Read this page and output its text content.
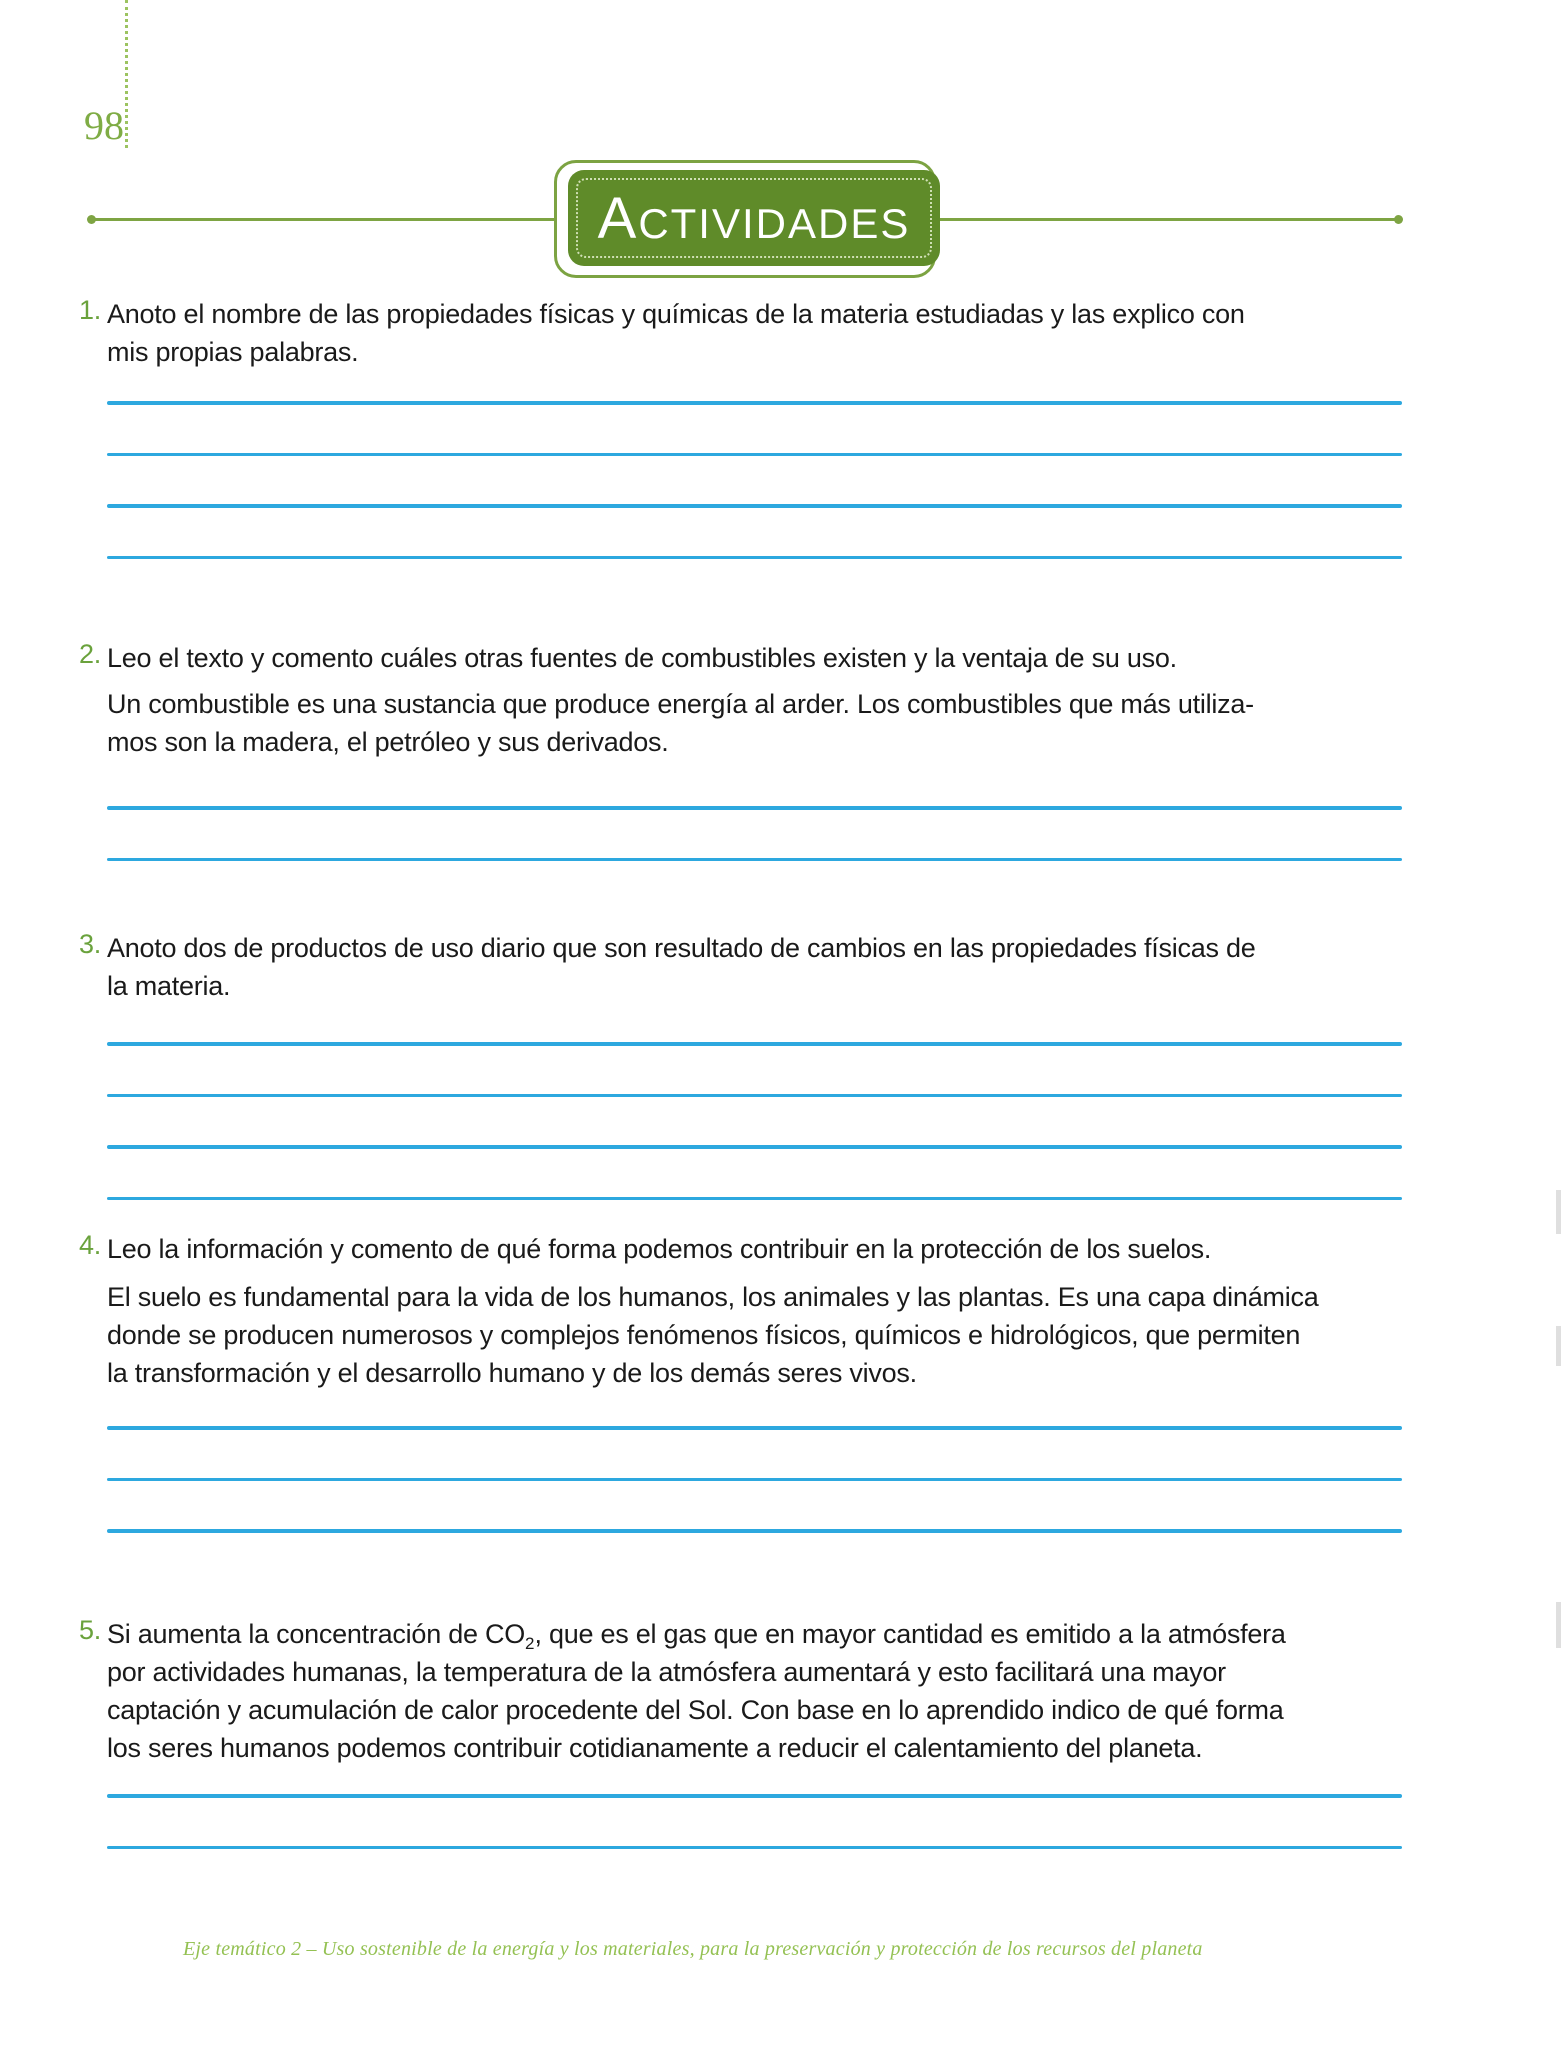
98
ACTIVIDADES
1. Anoto el nombre de las propiedades físicas y químicas de la materia estudiadas y las explico con
mis propias palabras.
2. Leo el texto y comento cuáles otras fuentes de combustibles existen y la ventaja de su uso.
Un combustible es una sustancia que produce energía al arder. Los combustibles que más utiliza-
mos son la madera, el petróleo y sus derivados.
3. Anoto dos de productos de uso diario que son resultado de cambios en las propiedades físicas de
la materia.
4. Leo la información y comento de qué forma podemos contribuir en la protección de los suelos.
El suelo es fundamental para la vida de los humanos, los animales y las plantas. Es una capa dinámica
donde se producen numerosos y complejos fenómenos físicos, químicos e hidrológicos, que permiten
la transformación y el desarrollo humano y de los demás seres vivos.
5. Si aumenta la concentración de $CO_2$, que es el gas que en mayor cantidad es emitido a la atmósfera
por actividades humanas, la temperatura de la atmósfera aumentará y esto facilitará una mayor
captación y acumulación de calor procedente del Sol. Con base en lo aprendido indico de qué forma
los seres humanos podemos contribuir cotidianamente a reducir el calentamiento del planeta.
Eje temático 2 – Uso sostenible de la energía y los materiales, para la preservación y protección de los recursos del planeta
